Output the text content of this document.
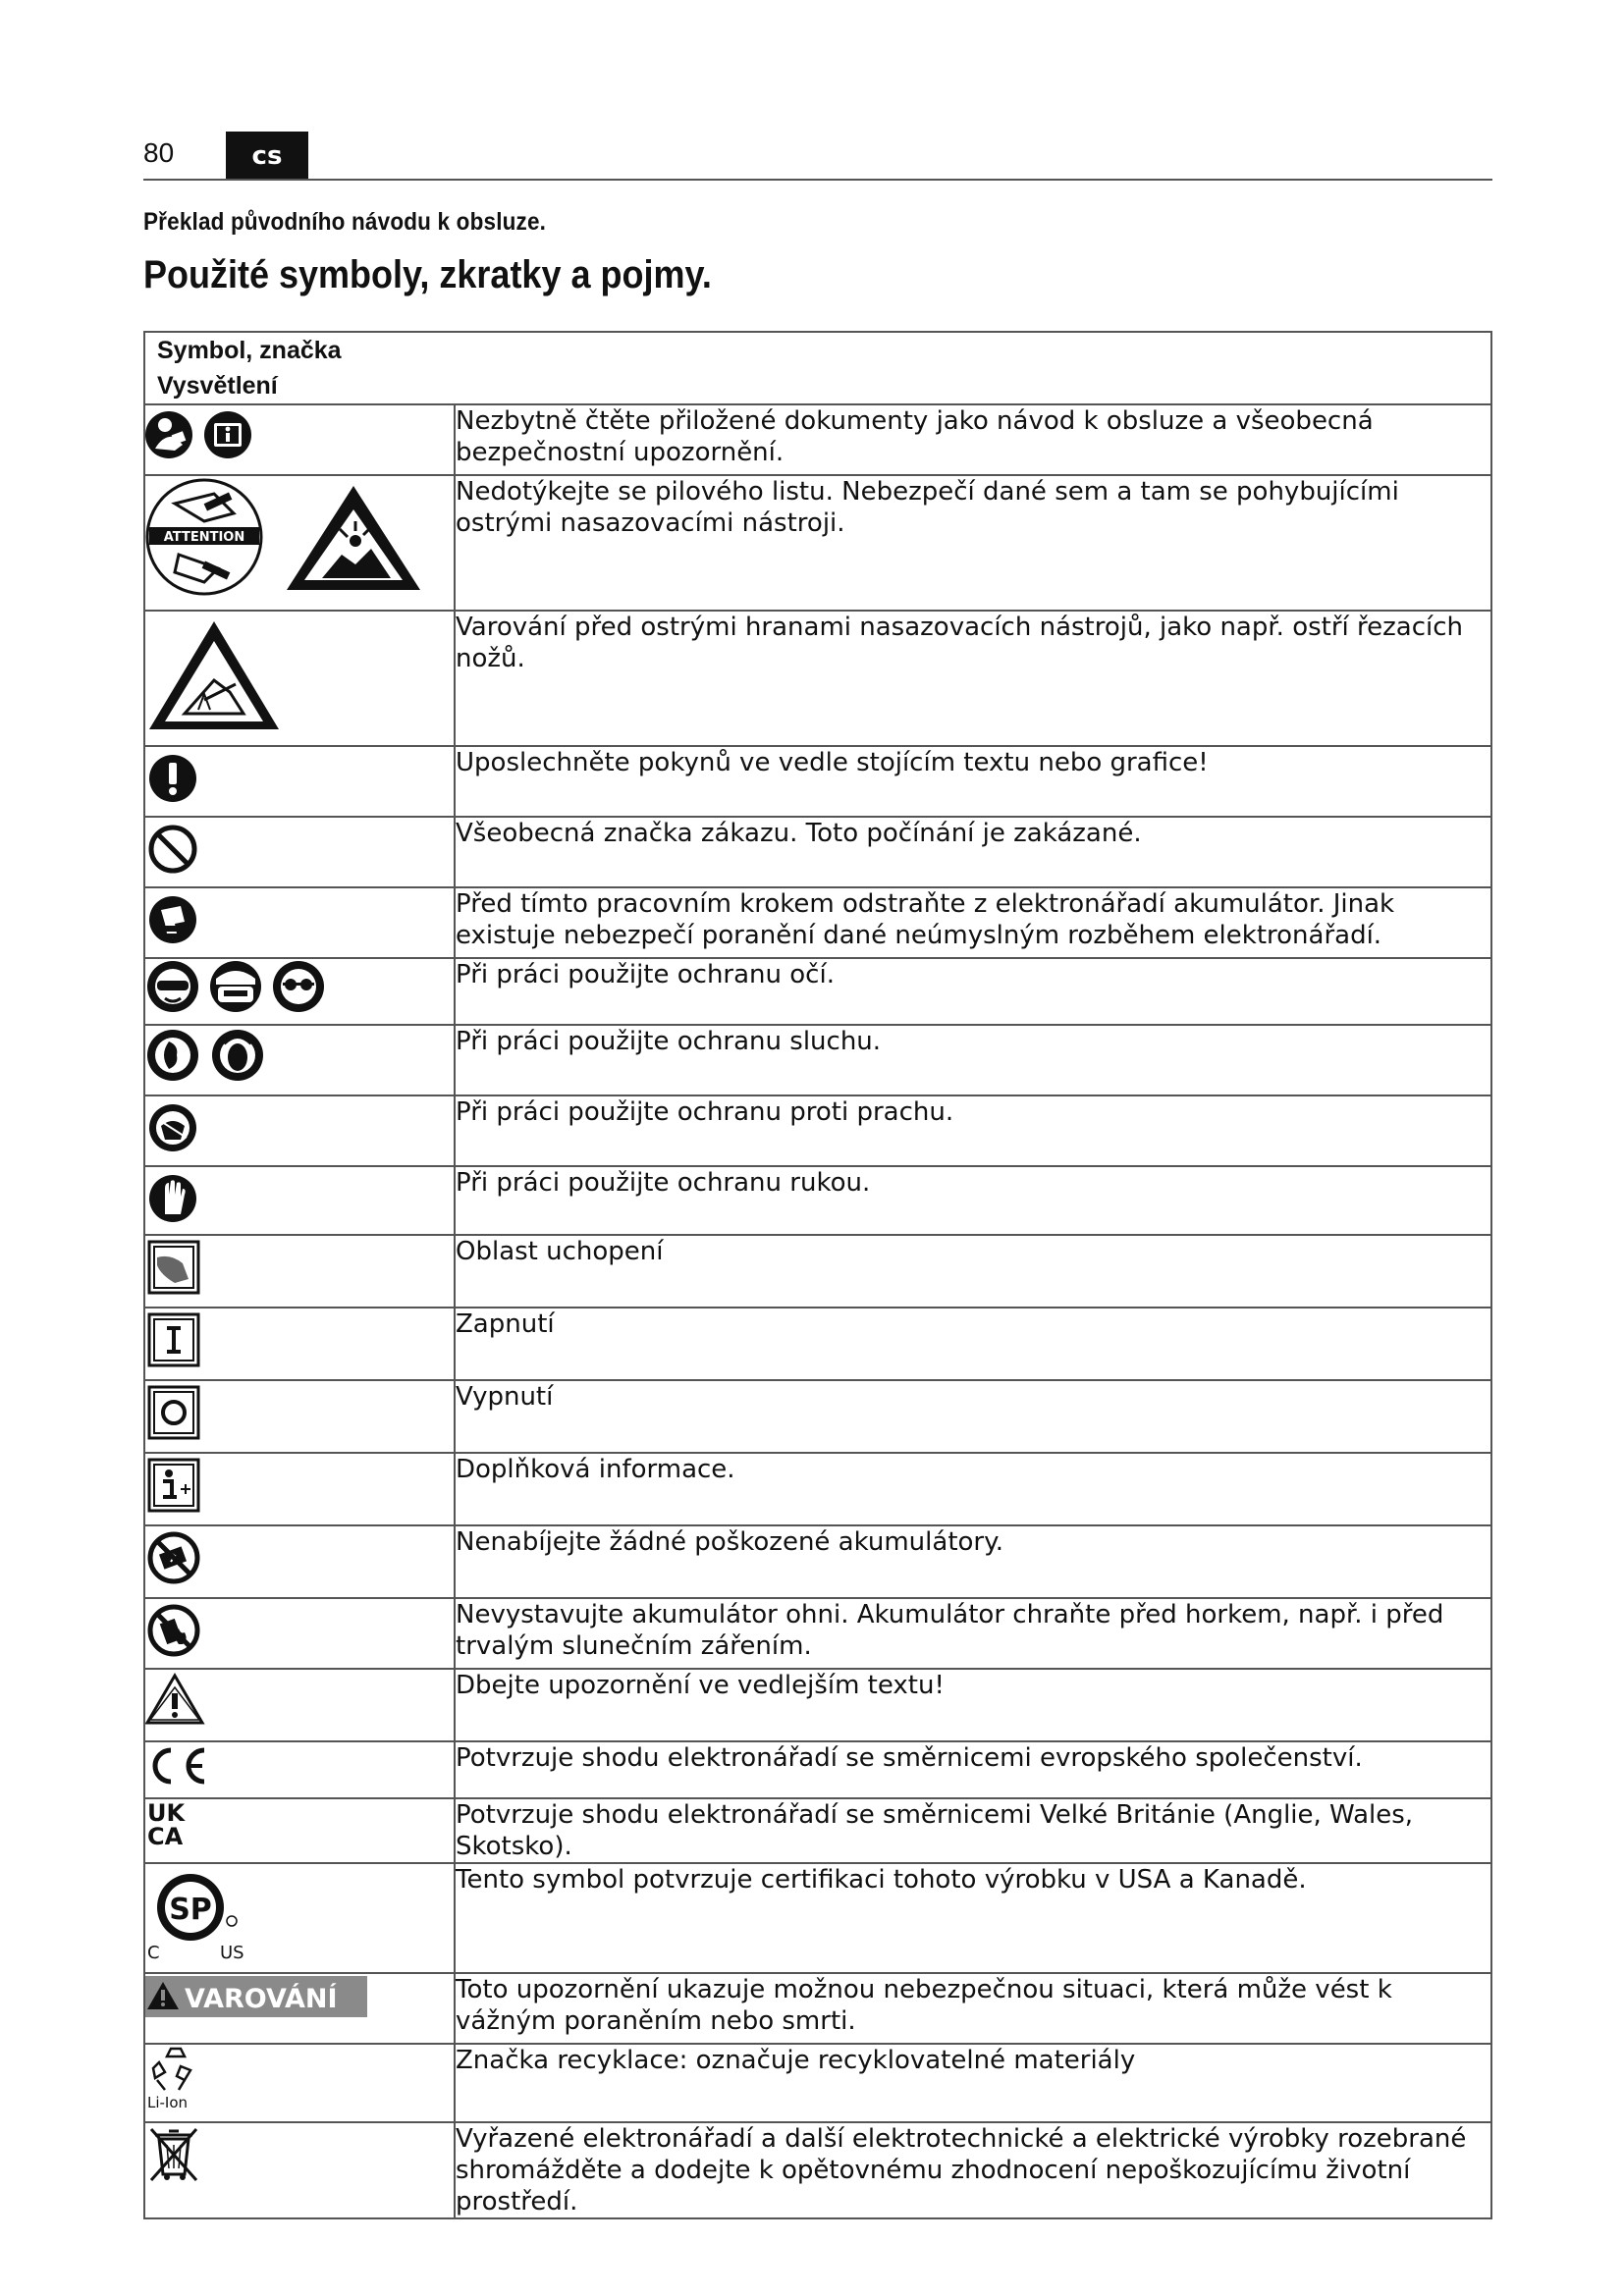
80	cs
Překlad původního návodu k obsluze.
Použité symboly, zkratky a pojmy.
Symbol, značka Vysvětlení	

	Nezbytně čtěte přiložené dokumenty jako návod k obsluze a všeobecná bezpečnostní upozornění.

ATTENTION	Nedotýkejte se pilového listu. Nebezpečí dané sem a tam se pohybujícími ostrými nasazovacími nástroji.

	Varování před ostrými hranami nasazovacích nástrojů, jako např. ostří řezacích nožů.

	Uposlechněte pokynů ve vedle stojícím textu nebo grafice!

	Všeobecná značka zákazu. Toto počínání je zakázané.

	Před tímto pracovním krokem odstraňte z elektronářadí akumulátor. Jinak existuje nebezpečí poranění dané neúmyslným rozběhem elektronářadí.

	Při práci použijte ochranu očí.

	Při práci použijte ochranu sluchu.

	Při práci použijte ochranu proti prachu.

	Při práci použijte ochranu rukou.

	Oblast uchopení

	Zapnutí

	Vypnutí

	Doplňková informace.

	Nenabíjejte žádné poškozené akumulátory.

	Nevystavujte akumulátor ohni. Akumulátor chraňte před horkem, např. i před trvalým slunečním zářením.

	Dbejte upozornění ve vedlejším textu!

	Potvrzuje shodu elektronářadí se směrnicemi evropského společenství.

UK
CA	Potvrzuje shodu elektronářadí se směrnicemi Velké Británie (Anglie, Wales, Skotsko).

SP
C US	Tento symbol potvrzuje certifikaci tohoto výrobku v USA a Kanadě.

VAROVÁNÍ	Toto upozornění ukazuje možnou nebezpečnou situaci, která může vést k vážným poraněním nebo smrti.

Li-Ion	Značka recyklace: označuje recyklovatelné materiály

	Vyřazené elektronářadí a další elektrotechnické a elektrické výrobky rozebrané shromážděte a dodejte k opětovnému zhodnocení nepoškozujícímu životní prostředí.
